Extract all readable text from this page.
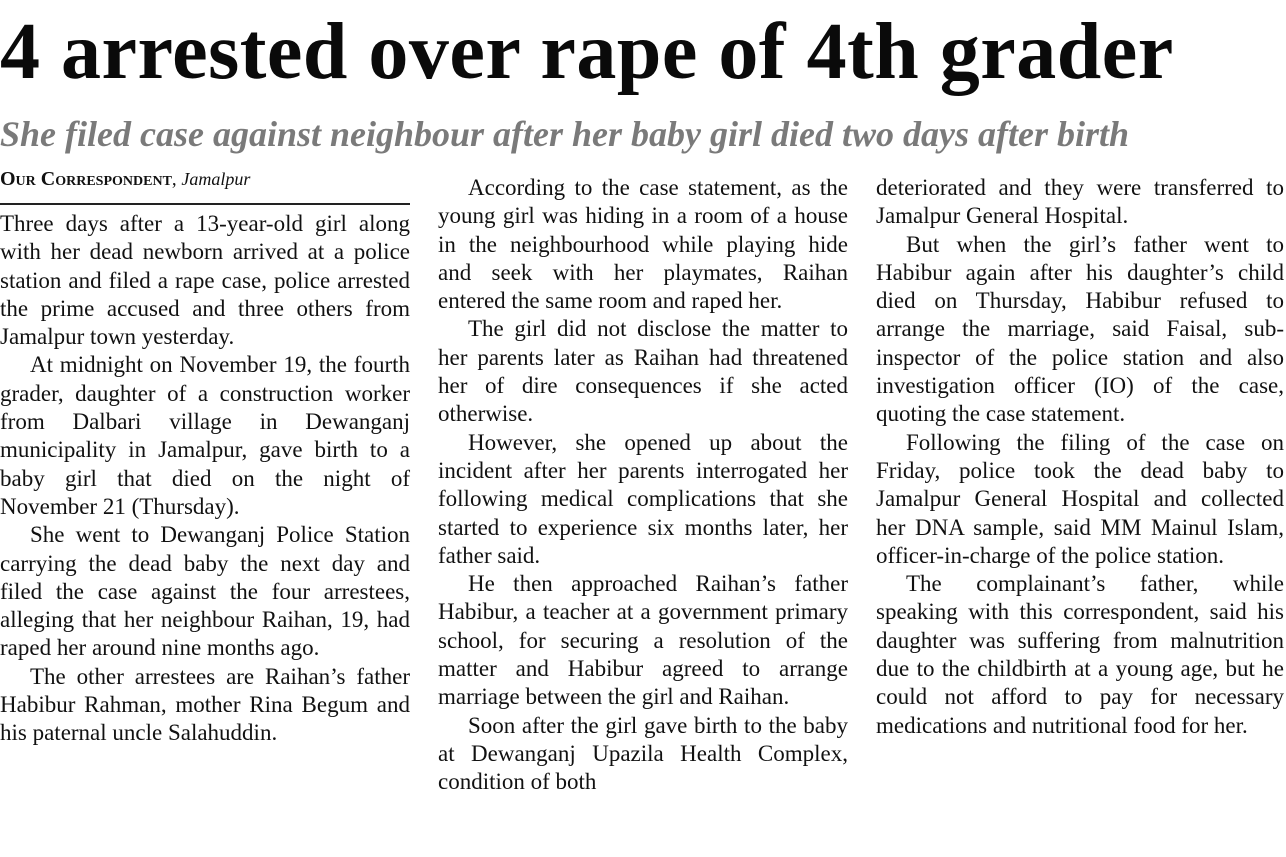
4 arrested over rape of 4th grader
She filed case against neighbour after her baby girl died two days after birth
Our Correspondent, Jamalpur

Three days after a 13-year-old girl along with her dead newborn arrived at a police station and filed a rape case, police arrested the prime accused and three others from Jamalpur town yesterday.

At midnight on November 19, the fourth grader, daughter of a construction worker from Dalbari village in Dewanganj municipality in Jamalpur, gave birth to a baby girl that died on the night of November 21 (Thursday).

She went to Dewanganj Police Station carrying the dead baby the next day and filed the case against the four arrestees, alleging that her neighbour Raihan, 19, had raped her around nine months ago.

The other arrestees are Raihan’s father Habibur Rahman, mother Rina Begum and his paternal uncle Salahuddin.

According to the case statement, as the young girl was hiding in a room of a house in the neighbourhood while playing hide and seek with her playmates, Raihan entered the same room and raped her.

The girl did not disclose the matter to her parents later as Raihan had threatened her of dire consequences if she acted otherwise.

However, she opened up about the incident after her parents interrogated her following medical complications that she started to experience six months later, her father said.

He then approached Raihan’s father Habibur, a teacher at a government primary school, for securing a resolution of the matter and Habibur agreed to arrange marriage between the girl and Raihan.

Soon after the girl gave birth to the baby at Dewanganj Upazila Health Complex, condition of both

deteriorated and they were transferred to Jamalpur General Hospital.

But when the girl’s father went to Habibur again after his daughter’s child died on Thursday, Habibur refused to arrange the marriage, said Faisal, sub-inspector of the police station and also investigation officer (IO) of the case, quoting the case statement.

Following the filing of the case on Friday, police took the dead baby to Jamalpur General Hospital and collected her DNA sample, said MM Mainul Islam, officer-in-charge of the police station.

The complainant’s father, while speaking with this correspondent, said his daughter was suffering from malnutrition due to the childbirth at a young age, but he could not afford to pay for necessary medications and nutritional food for her.
